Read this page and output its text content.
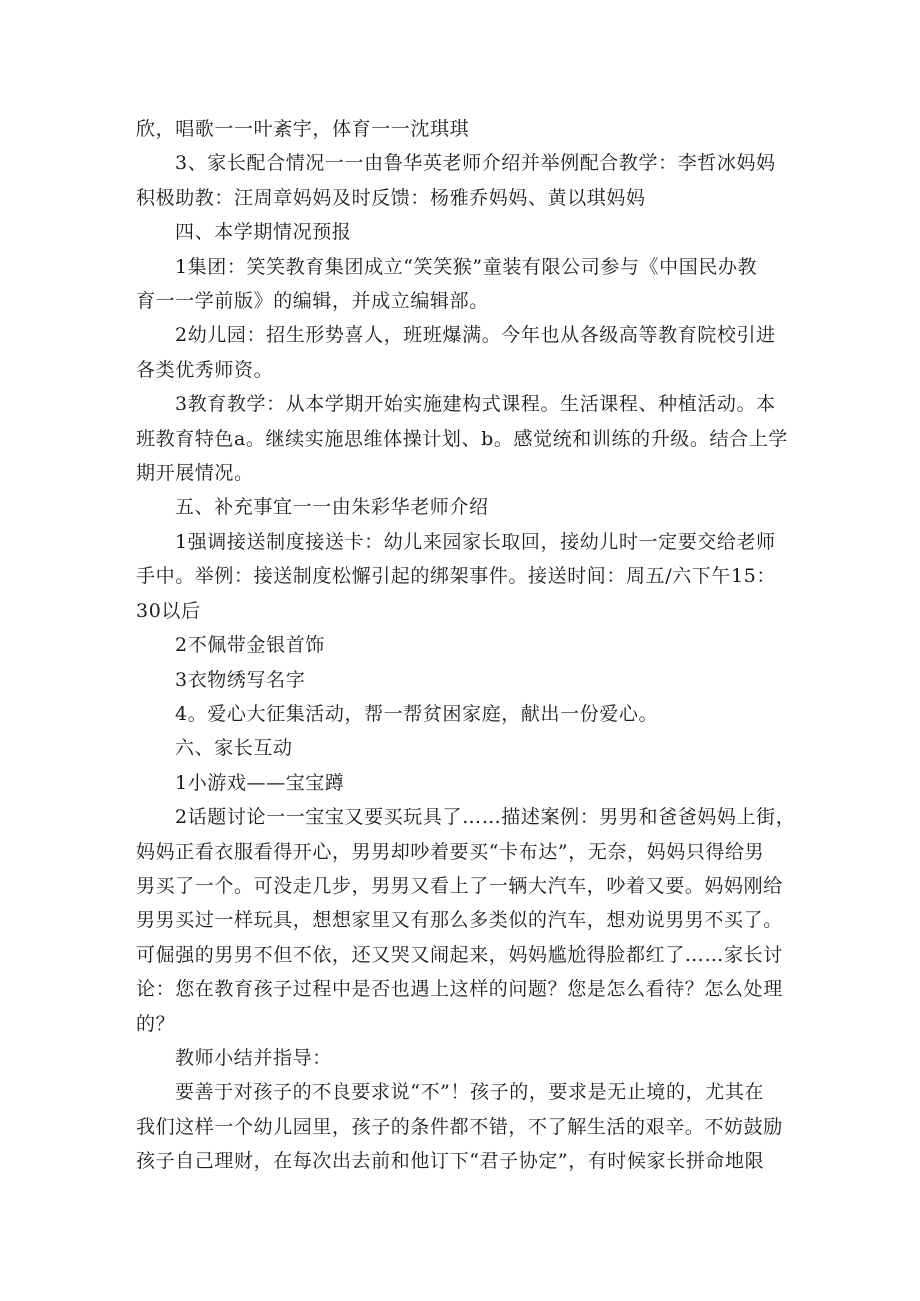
欣，唱歌一一叶紊宇，体育一一沈琪琪
3、家长配合情况一一由鲁华英老师介绍并举例配合教学：李哲冰妈妈
积极助教：汪周章妈妈及时反馈：杨雅乔妈妈、黄以琪妈妈
四、本学期情况预报
1集团：笑笑教育集团成立“笑笑猴”童装有限公司参与《中国民办教
育一一学前版》的编辑，并成立编辑部。
2幼儿园：招生形势喜人，班班爆满。今年也从各级高等教育院校引进
各类优秀师资。
3教育教学：从本学期开始实施建构式课程。生活课程、种植活动。本
班教育特色a。继续实施思维体操计划、b。感觉统和训练的升级。结合上学
期开展情况。
五、补充事宜一一由朱彩华老师介绍
1强调接送制度接送卡：幼儿来园家长取回，接幼儿时一定要交给老师
手中。举例：接送制度松懈引起的绑架事件。接送时间：周五/六下午15：
30以后
2不佩带金银首饰
3衣物绣写名字
4。爱心大征集活动，帮一帮贫困家庭，献出一份爱心。
六、家长互动
1小游戏——宝宝蹲
2话题讨论一一宝宝又要买玩具了……描述案例：男男和爸爸妈妈上街，
妈妈正看衣服看得开心，男男却吵着要买“卡布达”，无奈，妈妈只得给男
男买了一个。可没走几步，男男又看上了一辆大汽车，吵着又要。妈妈刚给
男男买过一样玩具，想想家里又有那么多类似的汽车，想劝说男男不买了。
可倔强的男男不但不依，还又哭又闹起来，妈妈尴尬得脸都红了……家长讨
论：您在教育孩子过程中是否也遇上这样的问题？您是怎么看待？怎么处理
的？
教师小结并指导：
要善于对孩子的不良要求说“不”！孩子的，要求是无止境的，尤其在
我们这样一个幼儿园里，孩子的条件都不错，不了解生活的艰辛。不妨鼓励
孩子自己理财，在每次出去前和他订下“君子协定”，有时候家长拼命地限
